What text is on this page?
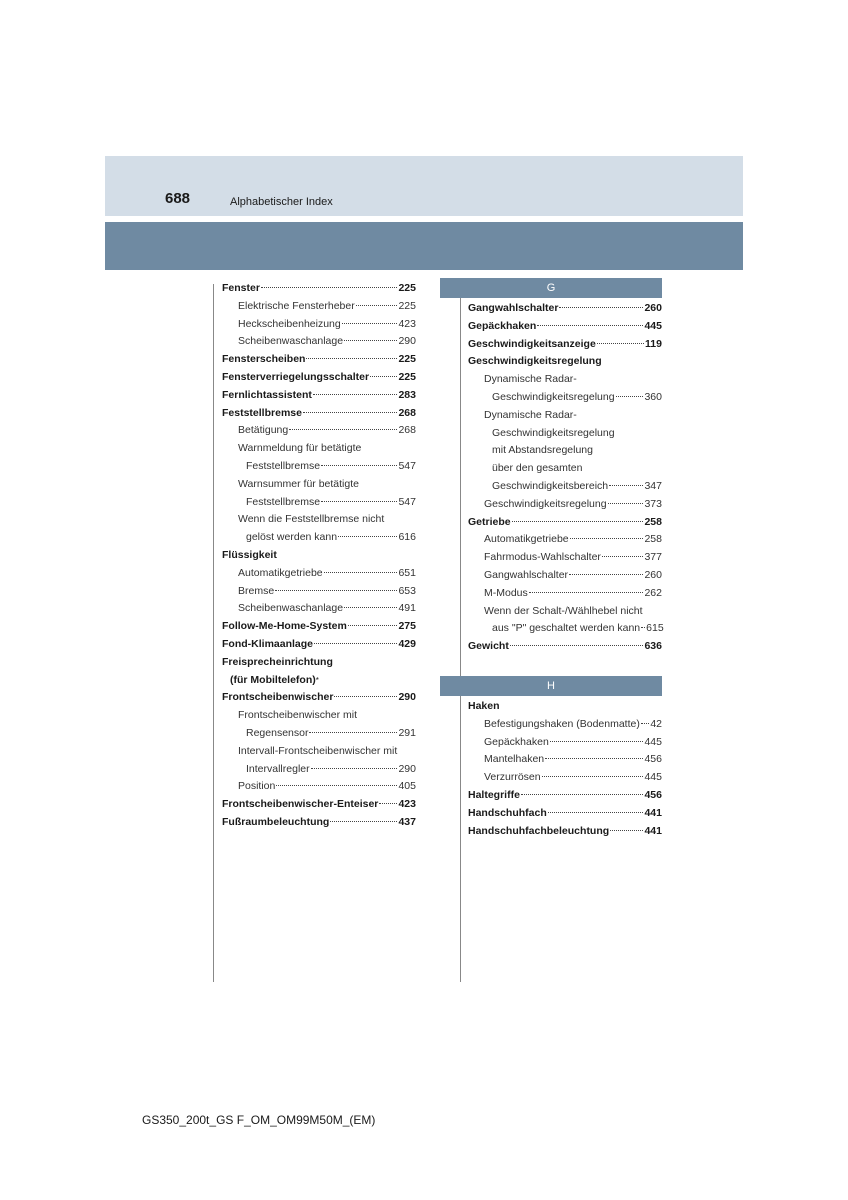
688	Alphabetischer Index
Fenster	225
Elektrische Fensterheber	225
Heckscheibenheizung	423
Scheibenwaschanlage	290
Fensterscheiben	225
Fensterverriegelungsschalter	225
Fernlichtassistent	283
Feststellbremse	268
Betätigung	268
Warnmeldung für betätigte
Feststellbremse	547
Warnsummer für betätigte
Feststellbremse	547
Wenn die Feststellbremse nicht
gelöst werden kann	616
Flüssigkeit
Automatikgetriebe	651
Bremse	653
Scheibenwaschanlage	491
Follow-Me-Home-System	275
Fond-Klimaanlage	429
Freisprecheinrichtung
(für Mobiltelefon) *
Frontscheibenwischer	290
Frontscheibenwischer mit
Regensensor	291
Intervall-Frontscheibenwischer mit
Intervallregler	290
Position	405
Frontscheibenwischer-Enteiser 423
Fußraumbeleuchtung	437
G
Gangwahlschalter	260
Gepäckhaken	445
Geschwindigkeitsanzeige	119
Geschwindigkeitsregelung
Dynamische Radar-
Geschwindigkeitsregelung	360
Dynamische Radar-
Geschwindigkeitsregelung
mit Abstandsregelung
über den gesamten
Geschwindigkeitsbereich	347
Geschwindigkeitsregelung	373
Getriebe	258
Automatikgetriebe	258
Fahrmodus-Wahlschalter	377
Gangwahlschalter	260
M-Modus	262
Wenn der Schalt-/Wählhebel nicht
aus "P" geschaltet werden kann 615
Gewicht	636
H
Haken
Befestigungshaken (Bodenmatte) 42
Gepäckhaken	445
Mantelhaken	456
Verzurrösen	445
Haltegriffe	456
Handschuhfach	441
Handschuhfachbeleuchtung	441
GS350_200t_GS F_OM_OM99M50M_(EM)
